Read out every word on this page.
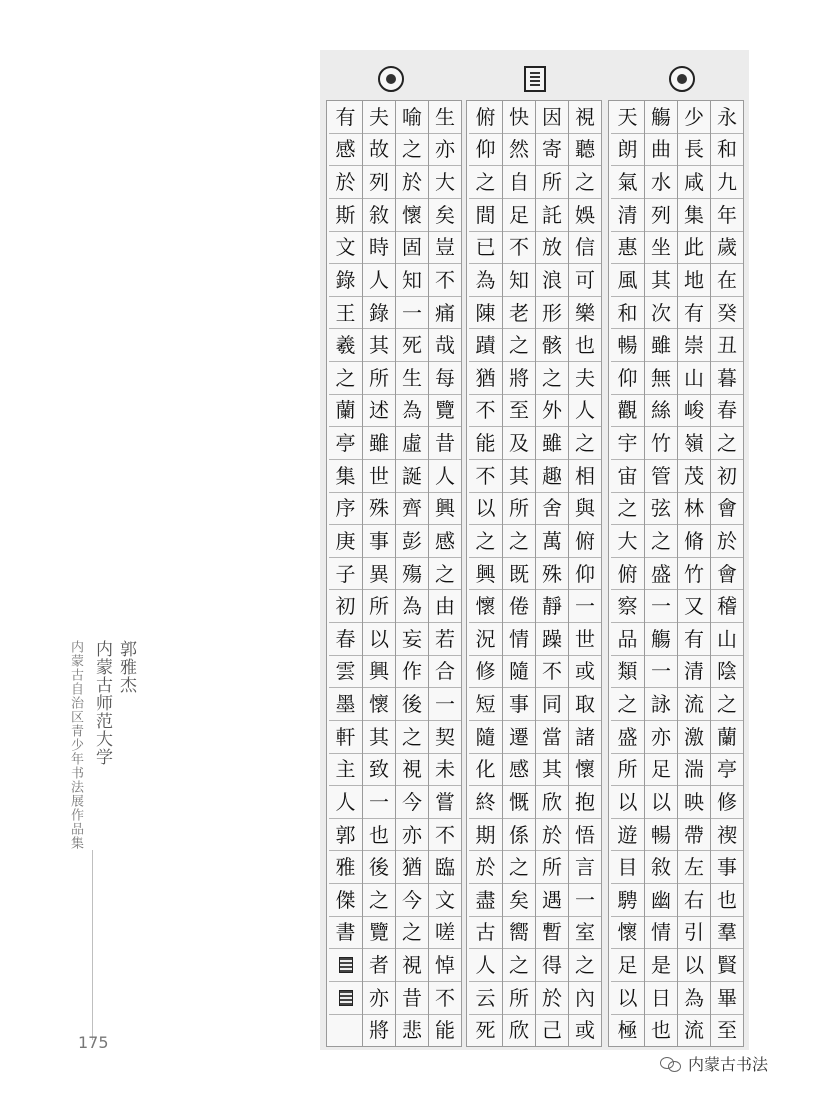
内蒙古自治区青少年书法展作品集 内蒙古师范大学 郭雅杰
175
永
和
九
年
歲
在
癸
丑
暮
春
之
初
會
於
會
稽
山
陰
之
蘭
亭
修
禊
事
也
羣
賢
畢
至
少
長
咸
集
此
地
有
崇
山
峻
嶺
茂
林
脩
竹
又
有
清
流
激
湍
映
帶
左
右
引
以
為
流
觴
曲
水
列
坐
其
次
雖
無
絲
竹
管
弦
之
盛
一
觴
一
詠
亦
足
以
暢
敘
幽
情
是
日
也
天
朗
氣
清
惠
風
和
暢
仰
觀
宇
宙
之
大
俯
察
品
類
之
盛
所
以
遊
目
騁
懷
足
以
極
視
聽
之
娛
信
可
樂
也
夫
人
之
相
與
俯
仰
一
世
或
取
諸
懷
抱
悟
言
一
室
之
內
或
因
寄
所
託
放
浪
形
骸
之
外
雖
趣
舍
萬
殊
靜
躁
不
同
當
其
欣
於
所
遇
暫
得
於
己
快
然
自
足
不
知
老
之
將
至
及
其
所
之
既
倦
情
隨
事
遷
感
慨
係
之
矣
嚮
之
所
欣
俯
仰
之
間
已
為
陳
蹟
猶
不
能
不
以
之
興
懷
況
修
短
隨
化
終
期
於
盡
古
人
云
死
生
亦
大
矣
豈
不
痛
哉
每
覽
昔
人
興
感
之
由
若
合
一
契
未
嘗
不
臨
文
嗟
悼
不
能
喻
之
於
懷
固
知
一
死
生
為
虛
誕
齊
彭
殤
為
妄
作
後
之
視
今
亦
猶
今
之
視
昔
悲
夫
故
列
敘
時
人
錄
其
所
述
雖
世
殊
事
異
所
以
興
懷
其
致
一
也
後
之
覽
者
亦
將
有
感
於
斯
文
錄
王
羲
之
蘭
亭
集
序
庚
子
初
春
雲
墨
軒
主
人
郭
雅
傑
書
内蒙古书法
